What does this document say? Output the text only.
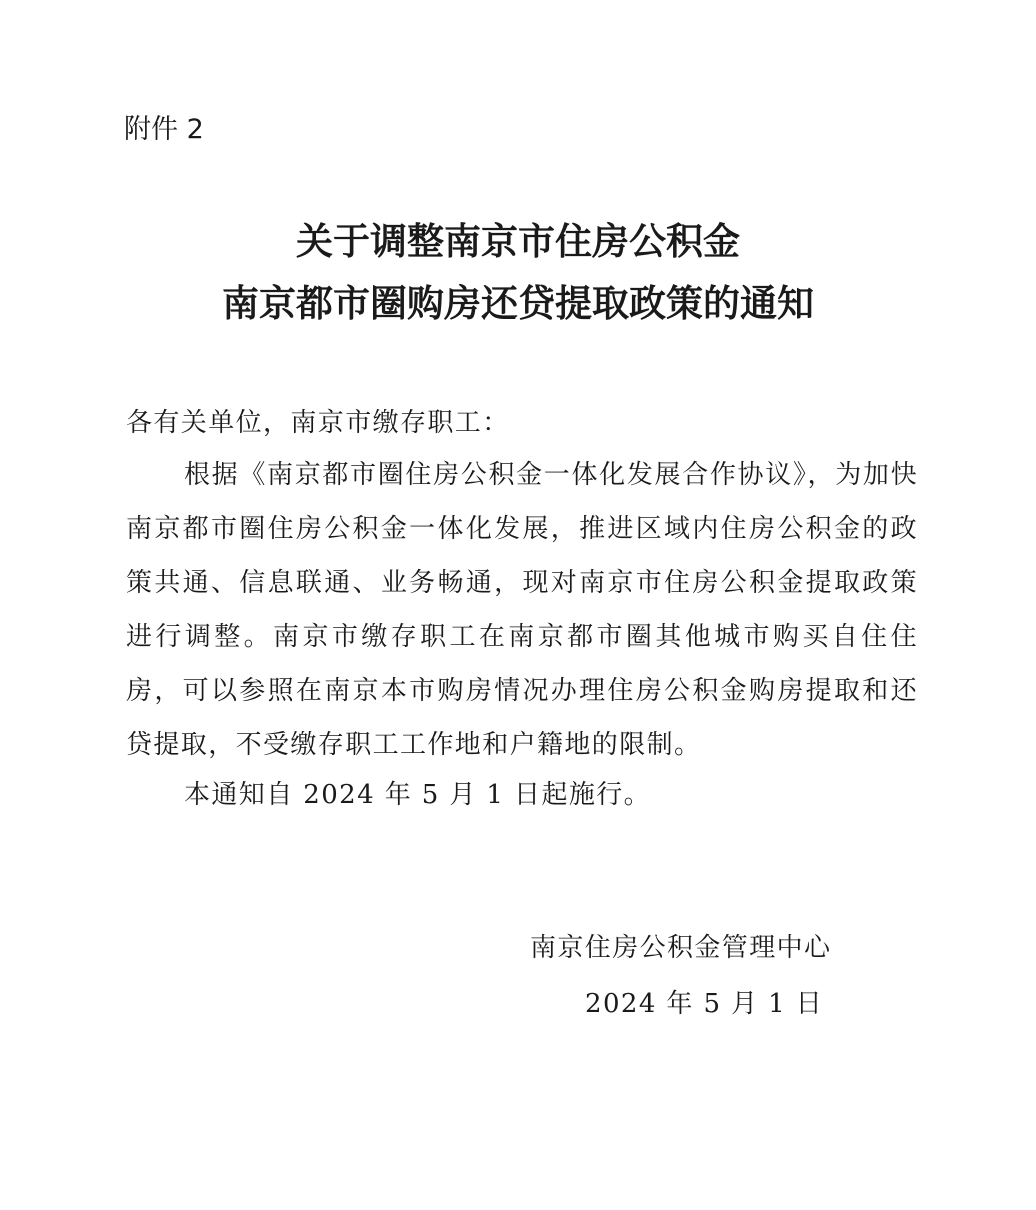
附件 2

关于调整南京市住房公积金
南京都市圈购房还贷提取政策的通知

各有关单位，南京市缴存职工：

根据《南京都市圈住房公积金一体化发展合作协议》，为加快南京都市圈住房公积金一体化发展，推进区域内住房公积金的政策共通、信息联通、业务畅通，现对南京市住房公积金提取政策进行调整。南京市缴存职工在南京都市圈其他城市购买自住住房，可以参照在南京本市购房情况办理住房公积金购房提取和还贷提取，不受缴存职工工作地和户籍地的限制。

本通知自 2024 年 5 月 1 日起施行。

南京住房公积金管理中心

2024 年 5 月 1 日
